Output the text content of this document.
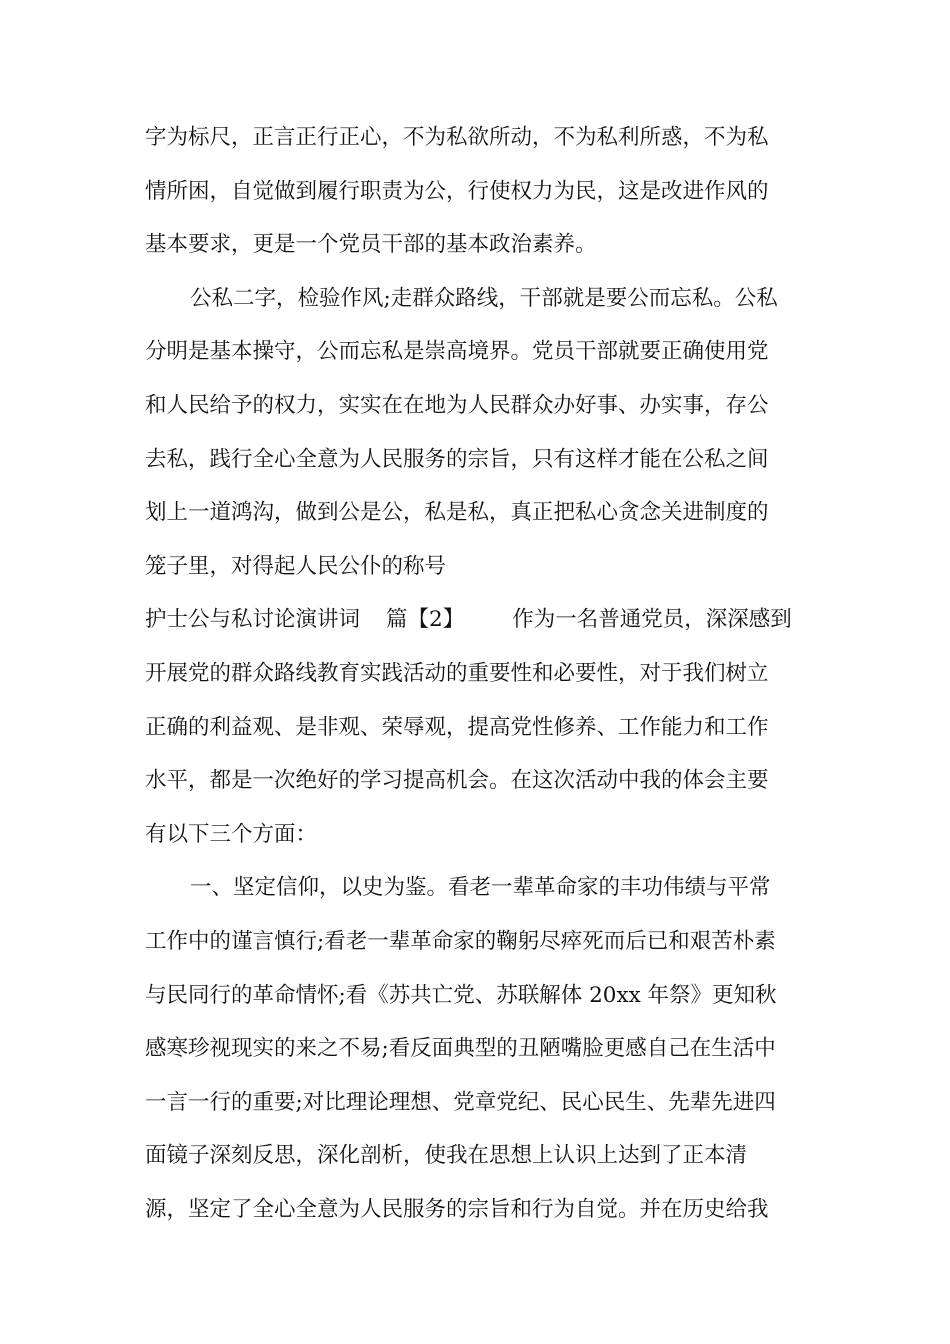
字为标尺，正言正行正心，不为私欲所动，不为私利所惑，不为私
情所困，自觉做到履行职责为公，行使权力为民，这是改进作风的
基本要求，更是一个党员干部的基本政治素养。
公私二字，检验作风;走群众路线，干部就是要公而忘私。公私
分明是基本操守，公而忘私是崇高境界。党员干部就要正确使用党
和人民给予的权力，实实在在地为人民群众办好事、办实事，存公
去私，践行全心全意为人民服务的宗旨，只有这样才能在公私之间
划上一道鸿沟，做到公是公，私是私，真正把私心贪念关进制度的
笼子里，对得起人民公仆的称号
护士公与私讨论演讲词 篇【2】 作为一名普通党员，深深感到
开展党的群众路线教育实践活动的重要性和必要性，对于我们树立
正确的利益观、是非观、荣辱观，提高党性修养、工作能力和工作
水平，都是一次绝好的学习提高机会。在这次活动中我的体会主要
有以下三个方面：
一、坚定信仰，以史为鉴。看老一辈革命家的丰功伟绩与平常
工作中的谨言慎行;看老一辈革命家的鞠躬尽瘁死而后已和艰苦朴素
与民同行的革命情怀;看《苏共亡党、苏联解体 20xx 年祭》更知秋
感寒珍视现实的来之不易;看反面典型的丑陋嘴脸更感自己在生活中
一言一行的重要;对比理论理想、党章党纪、民心民生、先辈先进四
面镜子深刻反思，深化剖析，使我在思想上认识上达到了正本清
源，坚定了全心全意为人民服务的宗旨和行为自觉。并在历史给我
